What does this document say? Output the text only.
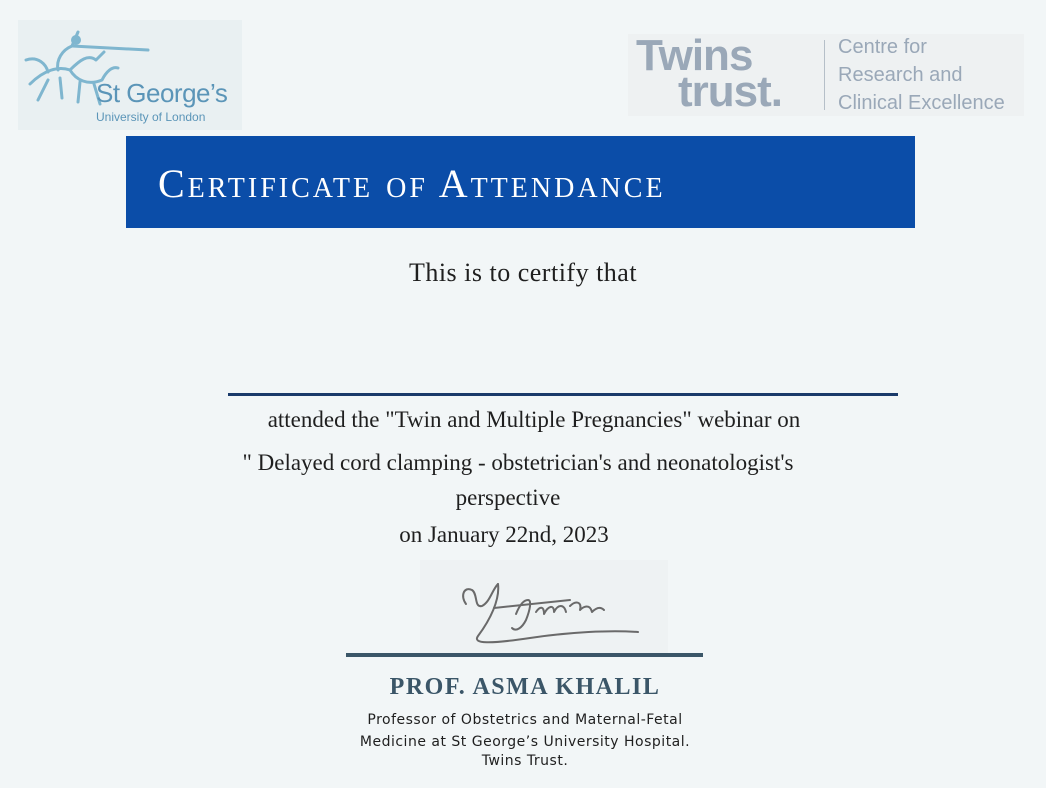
St George’s
University of London
Twins
trust.
Centre for
Research and
Clinical Excellence
Certificate of Attendance
This is to certify that
attended the "Twin and Multiple Pregnancies" webinar on
" Delayed cord clamping - obstetrician's and neonatologist's
perspective
on January 22nd, 2023
PROF. ASMA KHALIL
Professor of Obstetrics and Maternal-Fetal
Medicine at St George’s University Hospital.
Twins Trust.
